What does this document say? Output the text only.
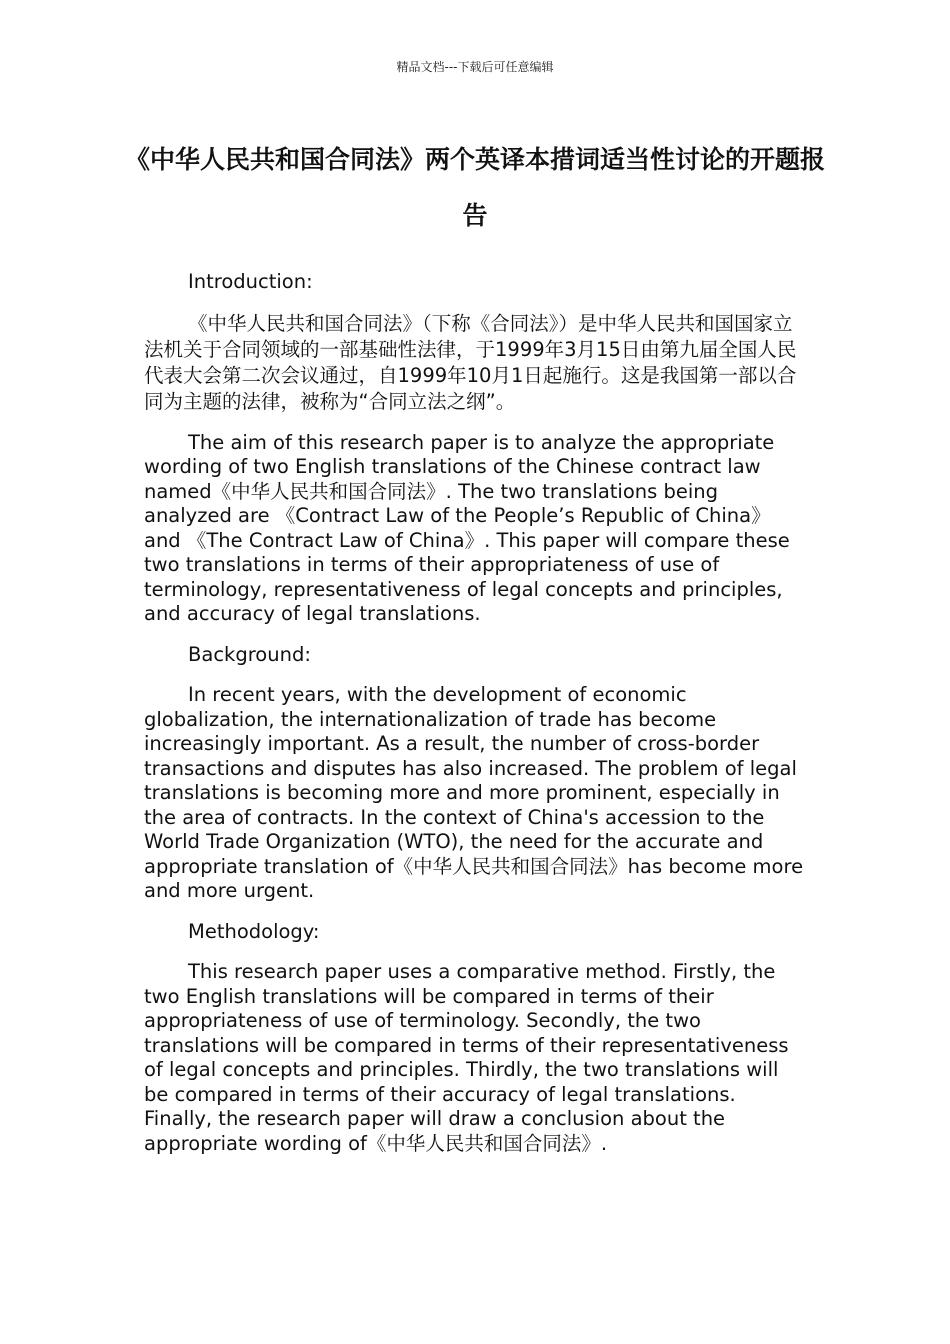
精品文档---下载后可任意编辑
《中华人民共和国合同法》两个英译本措词适当性讨论的开题报告

Introduction:

《中华人民共和国合同法》（下称《合同法》）是中华人民共和国国家立法机关于合同领域的一部基础性法律，于1999年3月15日由第九届全国人民代表大会第二次会议通过，自1999年10月1日起施行。这是我国第一部以合同为主题的法律，被称为“合同立法之纲”。

The aim of this research paper is to analyze the appropriate wording of two English translations of the Chinese contract law named《中华人民共和国合同法》. The two translations being analyzed are 《Contract Law of the People’s Republic of China》 and 《The Contract Law of China》. This paper will compare these two translations in terms of their appropriateness of use of terminology, representativeness of legal concepts and principles, and accuracy of legal translations.

Background:

In recent years, with the development of economic globalization, the internationalization of trade has become increasingly important. As a result, the number of cross-border transactions and disputes has also increased. The problem of legal translations is becoming more and more prominent, especially in the area of contracts. In the context of China's accession to the World Trade Organization (WTO), the need for the accurate and appropriate translation of《中华人民共和国合同法》has become more and more urgent.

Methodology:

This research paper uses a comparative method. Firstly, the two English translations will be compared in terms of their appropriateness of use of terminology. Secondly, the two translations will be compared in terms of their representativeness of legal concepts and principles. Thirdly, the two translations will be compared in terms of their accuracy of legal translations. Finally, the research paper will draw a conclusion about the appropriate wording of《中华人民共和国合同法》.
